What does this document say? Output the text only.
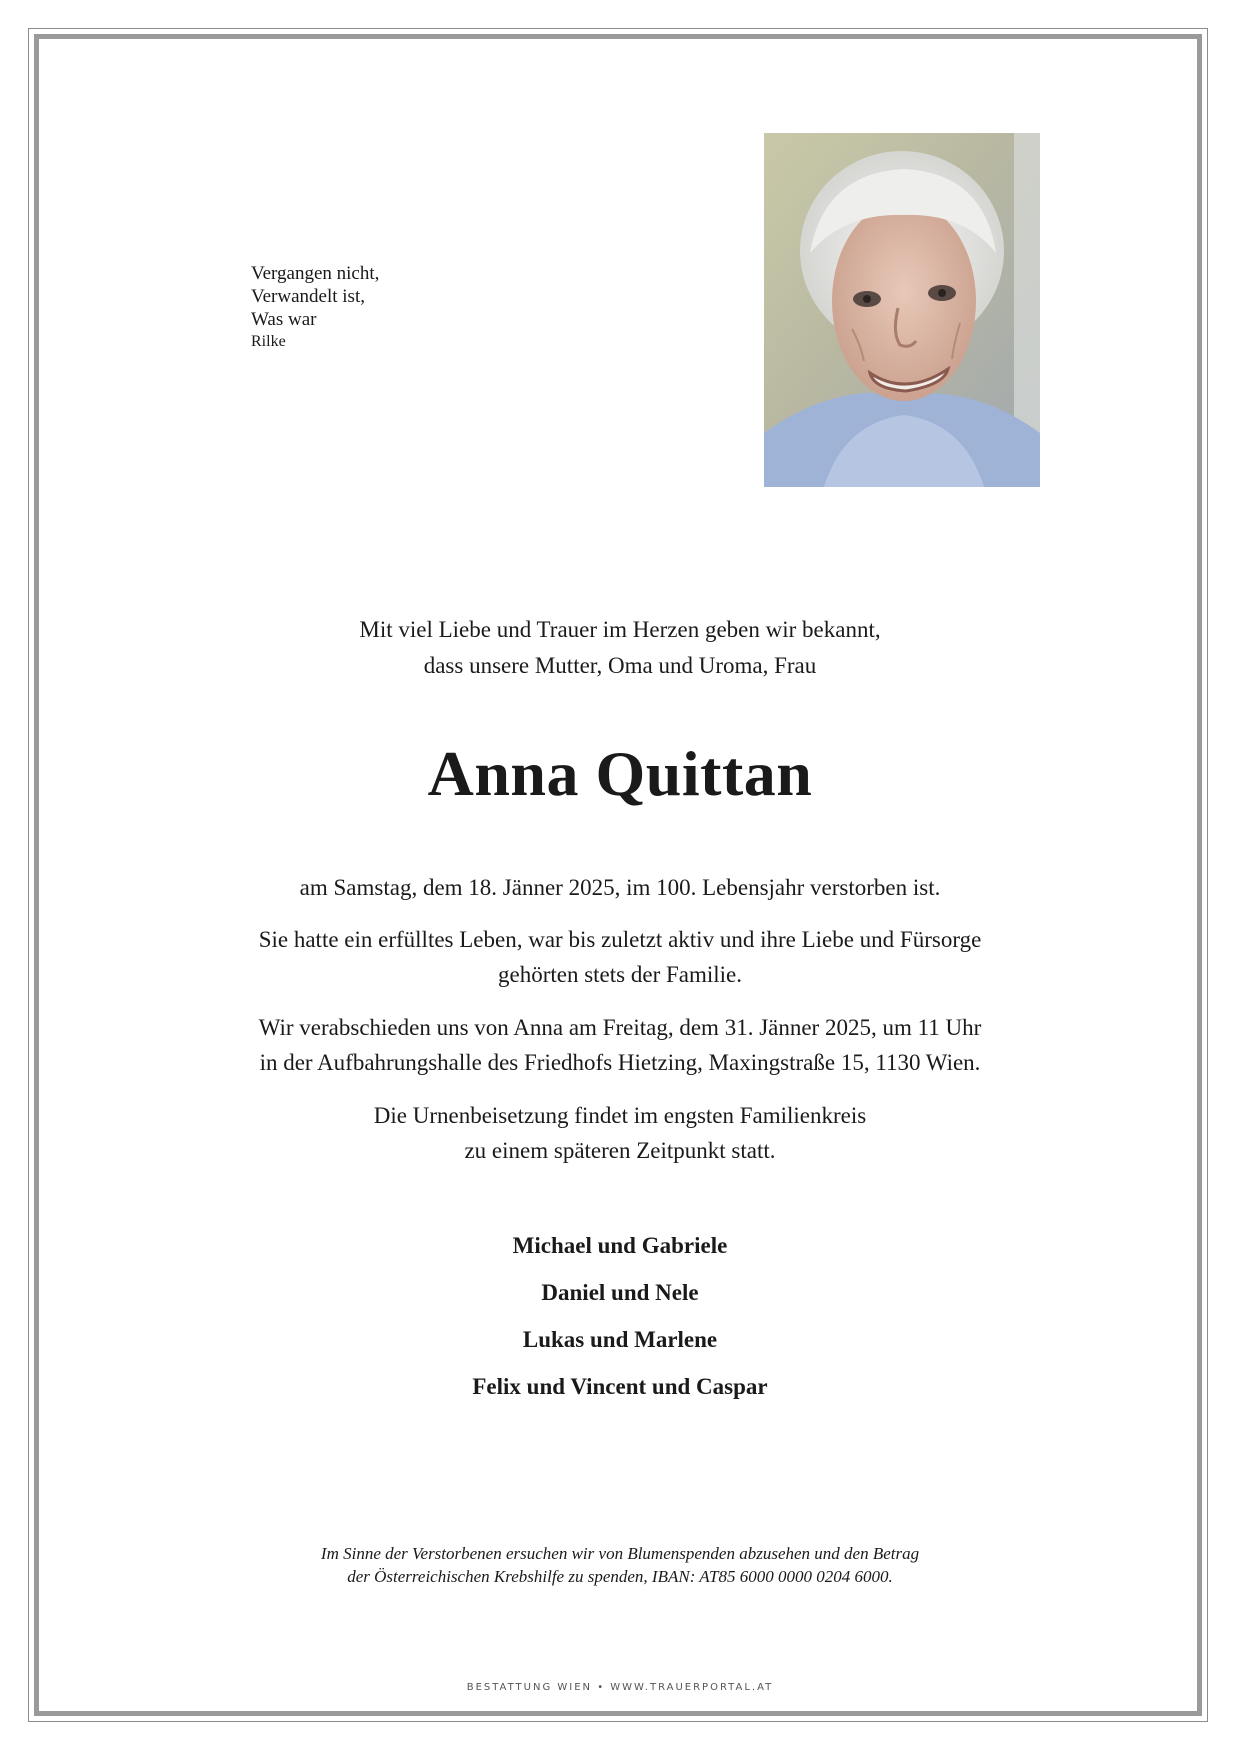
Vergangen nicht,
Verwandelt ist,
Was war
Rilke
Mit viel Liebe und Trauer im Herzen geben wir bekannt,
dass unsere Mutter, Oma und Uroma, Frau
Anna Quittan
am Samstag, dem 18. Jänner 2025, im 100. Lebensjahr verstorben ist.
Sie hatte ein erfülltes Leben, war bis zuletzt aktiv und ihre Liebe und Fürsorge
gehörten stets der Familie.
Wir verabschieden uns von Anna am Freitag, dem 31. Jänner 2025, um 11 Uhr
in der Aufbahrungshalle des Friedhofs Hietzing, Maxingstraße 15, 1130 Wien.
Die Urnenbeisetzung findet im engsten Familienkreis
zu einem späteren Zeitpunkt statt.
Michael und Gabriele
Daniel und Nele
Lukas und Marlene
Felix und Vincent und Caspar
Im Sinne der Verstorbenen ersuchen wir von Blumenspenden abzusehen und den Betrag
der Österreichischen Krebshilfe zu spenden, IBAN: AT85 6000 0000 0204 6000.
BESTATTUNG WIEN • WWW.TRAUERPORTAL.AT
